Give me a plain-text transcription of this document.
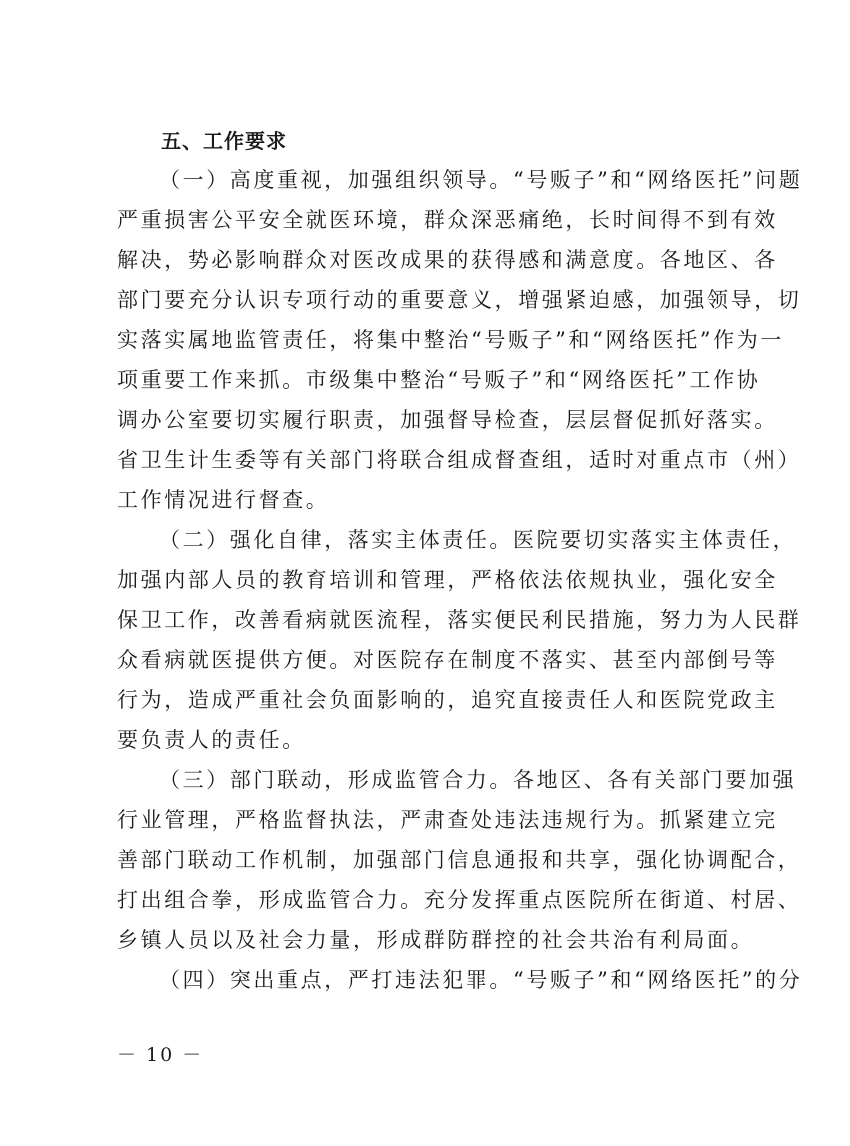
五、工作要求

（一）高度重视，加强组织领导。“号贩子”和“网络医托”问题
严重损害公平安全就医环境，群众深恶痛绝，长时间得不到有效
解决，势必影响群众对医改成果的获得感和满意度。各地区、各
部门要充分认识专项行动的重要意义，增强紧迫感，加强领导，切
实落实属地监管责任，将集中整治“号贩子”和“网络医托”作为一
项重要工作来抓。市级集中整治“号贩子”和“网络医托”工作协
调办公室要切实履行职责，加强督导检查，层层督促抓好落实。
省卫生计生委等有关部门将联合组成督查组，适时对重点市（州）
工作情况进行督查。

（二）强化自律，落实主体责任。医院要切实落实主体责任，
加强内部人员的教育培训和管理，严格依法依规执业，强化安全
保卫工作，改善看病就医流程，落实便民利民措施，努力为人民群
众看病就医提供方便。对医院存在制度不落实、甚至内部倒号等
行为，造成严重社会负面影响的，追究直接责任人和医院党政主
要负责人的责任。

（三）部门联动，形成监管合力。各地区、各有关部门要加强
行业管理，严格监督执法，严肃查处违法违规行为。抓紧建立完
善部门联动工作机制，加强部门信息通报和共享，强化协调配合，
打出组合拳，形成监管合力。充分发挥重点医院所在街道、村居、
乡镇人员以及社会力量，形成群防群控的社会共治有利局面。

（四）突出重点，严打违法犯罪。“号贩子”和“网络医托”的分

－ 10 －
